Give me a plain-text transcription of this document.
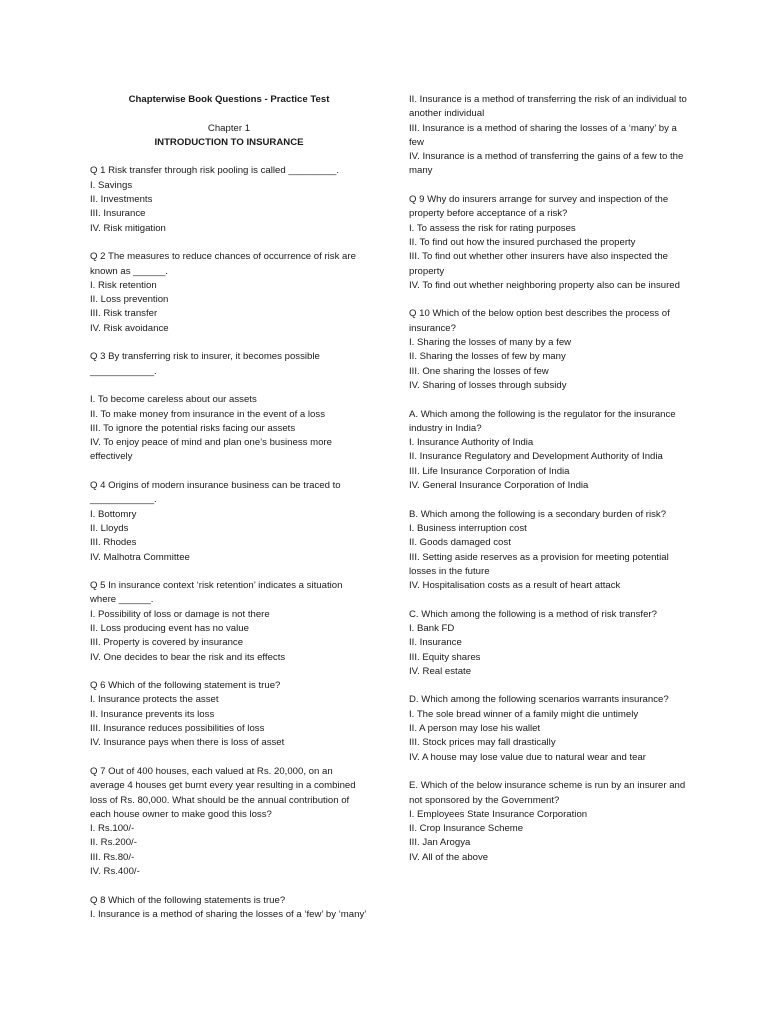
Chapterwise Book Questions - Practice Test

Chapter 1

INTRODUCTION TO INSURANCE

Q 1 Risk transfer through risk pooling is called _________.

I. Savings
II. Investments
III. Insurance
IV. Risk mitigation

Q 2 The measures to reduce chances of occurrence of risk are known as ______.

I. Risk retention
II. Loss prevention
III. Risk transfer
IV. Risk avoidance

Q 3 By transferring risk to insurer, it becomes possible ____________.

I. To become careless about our assets
II. To make money from insurance in the event of a loss
III. To ignore the potential risks facing our assets
IV. To enjoy peace of mind and plan one’s business more effectively

Q 4 Origins of modern insurance business can be traced to ____________.

I. Bottomry
II. Lloyds
III. Rhodes
IV. Malhotra Committee

Q 5 In insurance context ‘risk retention’ indicates a situation where ______.

I. Possibility of loss or damage is not there
II. Loss producing event has no value
III. Property is covered by insurance
IV. One decides to bear the risk and its effects

Q 6 Which of the following statement is true?

I. Insurance protects the asset
II. Insurance prevents its loss
III. Insurance reduces possibilities of loss
IV. Insurance pays when there is loss of asset

Q 7 Out of 400 houses, each valued at Rs. 20,000, on an average 4 houses get burnt every year resulting in a combined loss of Rs. 80,000. What should be the annual contribution of each house owner to make good this loss?

I. Rs.100/-
II. Rs.200/-
III. Rs.80/-
IV. Rs.400/-

Q 8 Which of the following statements is true?

I. Insurance is a method of sharing the losses of a ‘few’ by ‘many’
II. Insurance is a method of transferring the risk of an individual to another individual
III. Insurance is a method of sharing the losses of a ‘many’ by a few
IV. Insurance is a method of transferring the gains of a few to the many

Q 9 Why do insurers arrange for survey and inspection of the property before acceptance of a risk?

I. To assess the risk for rating purposes
II. To find out how the insured purchased the property
III. To find out whether other insurers have also inspected the property
IV. To find out whether neighboring property also can be insured

Q 10 Which of the below option best describes the process of insurance?

I. Sharing the losses of many by a few
II. Sharing the losses of few by many
III. One sharing the losses of few
IV. Sharing of losses through subsidy

A. Which among the following is the regulator for the insurance industry in India?

I. Insurance Authority of India
II. Insurance Regulatory and Development Authority of India
III. Life Insurance Corporation of India
IV. General Insurance Corporation of India

B. Which among the following is a secondary burden of risk?

I. Business interruption cost
II. Goods damaged cost
III. Setting aside reserves as a provision for meeting potential losses in the future
IV. Hospitalisation costs as a result of heart attack

C. Which among the following is a method of risk transfer?

I. Bank FD
II. Insurance
III. Equity shares
IV. Real estate

D. Which among the following scenarios warrants insurance?

I. The sole bread winner of a family might die untimely
II. A person may lose his wallet
III. Stock prices may fall drastically
IV. A house may lose value due to natural wear and tear

E. Which of the below insurance scheme is run by an insurer and not sponsored by the Government?

I. Employees State Insurance Corporation
II. Crop Insurance Scheme
III. Jan Arogya
IV. All of the above
